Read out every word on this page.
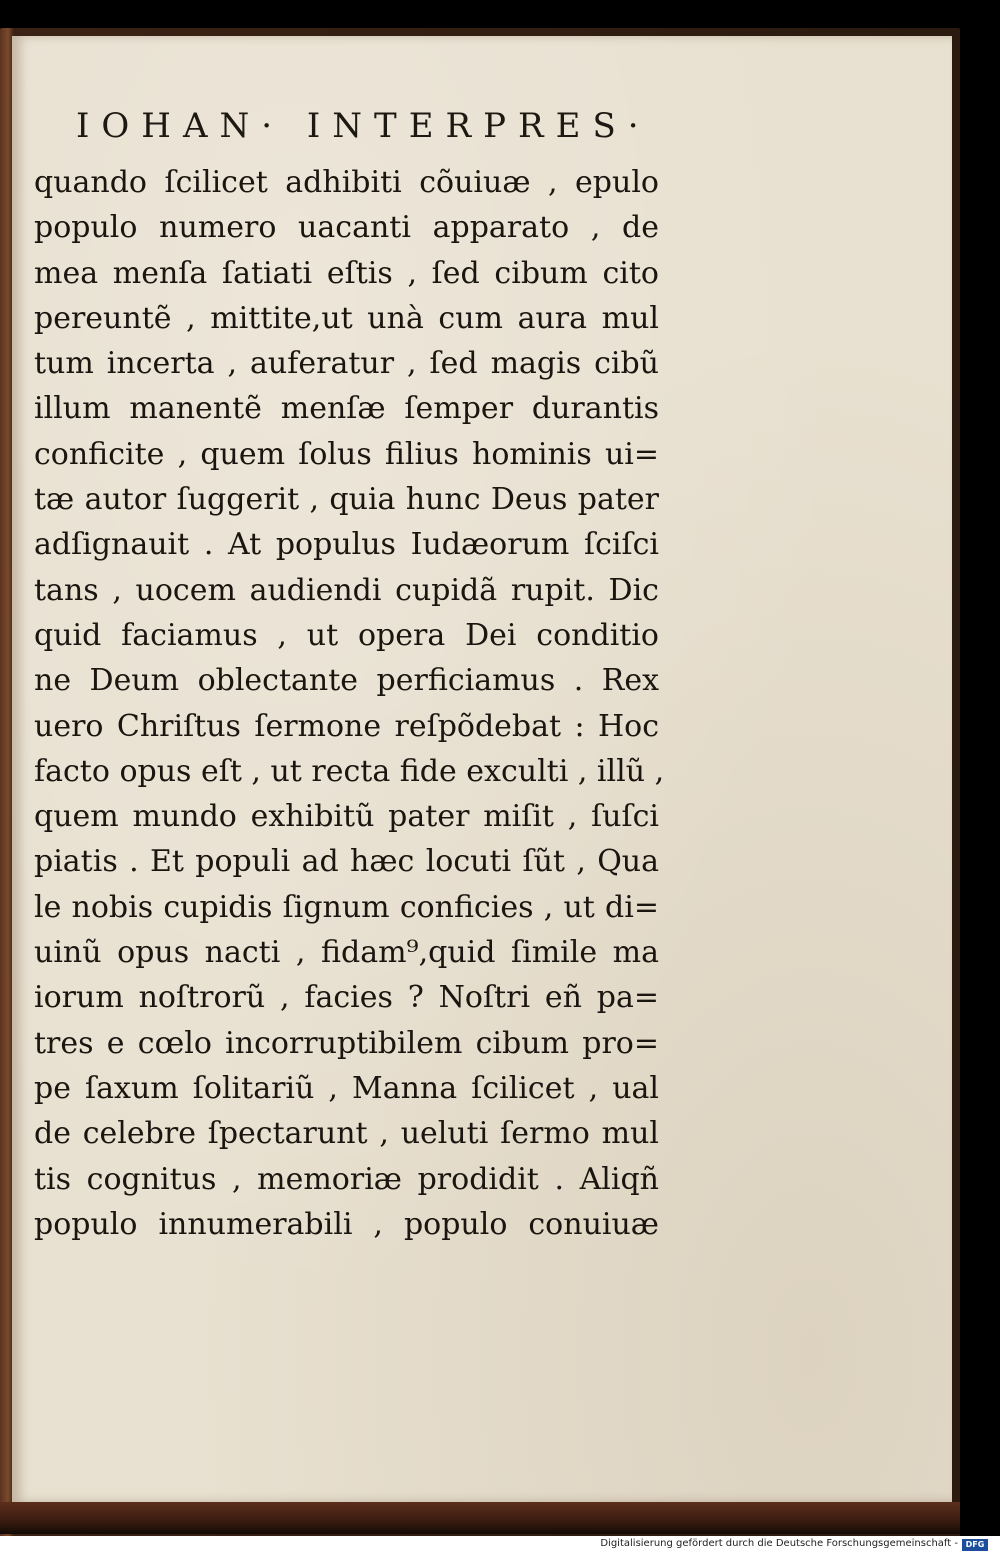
IOHAN· INTERPRES·
quando ſcilicet adhibiti cõuiuæ , epulo
populo numero uacanti apparato , de
mea menſa ſatiati eſtis , ſed cibum cito
pereuntẽ , mittite,ut unà cum aura mul
tum incerta , auferatur , ſed magis cibũ
illum manentẽ menſæ ſemper durantis
conficite , quem ſolus filius hominis ui=
tæ autor ſuggerit , quia hunc Deus pater
adſignauit . At populus Iudæorum ſciſci
tans , uocem audiendi cupidã rupit. Dic
quid faciamus , ut opera Dei conditio
ne Deum oblectante perficiamus . Rex
uero Chriſtus ſermone reſpõdebat : Hoc
facto opus eſt , ut recta fide exculti , illũ ,
quem mundo exhibitũ pater miſit , ſuſci
piatis . Et populi ad hæc locuti ſũt , Qua
le nobis cupidis ſignum conficies , ut di=
uinũ opus nacti , fidam⁹,quid ſimile ma
iorum noſtrorũ , facies ? Noſtri eñ pa=
tres e cœlo incorruptibilem cibum pro=
pe ſaxum ſolitariũ , Manna ſcilicet , ual
de celebre ſpectarunt , ueluti ſermo mul
tis cognitus , memoriæ prodidit . Aliqñ
populo innumerabili , populo conuiuæ
Digitalisierung gefördert durch die Deutsche Forschungsgemeinschaft - DFG
